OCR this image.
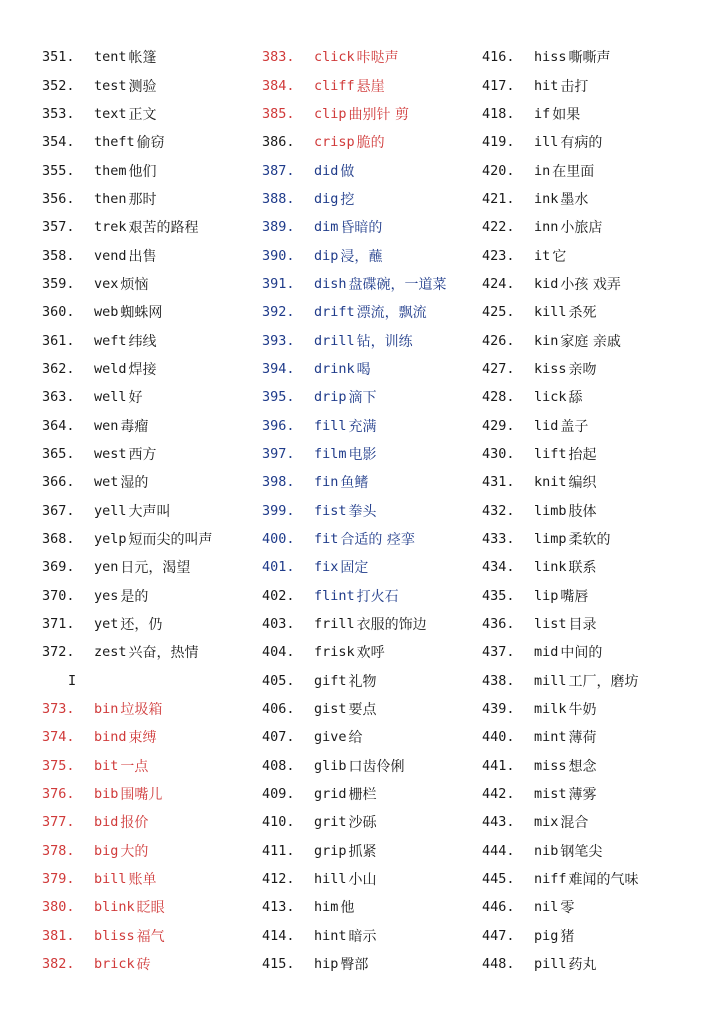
351.	tent 帐篷
352.	test 测验
353.	text 正文
354.	theft 偷窃
355.	them 他们
356.	then 那时
357.	trek 艰苦的路程
358.	vend 出售
359.	vex 烦恼
360.	web 蜘蛛网
361.	weft 纬线
362.	weld 焊接
363.	well 好
364.	wen 毒瘤
365.	west 西方
366.	wet 湿的
367.	yell 大声叫
368.	yelp 短而尖的叫声
369.	yen 日元，渴望
370.	yes 是的
371.	yet 还，仍
372.	zest 兴奋，热情
I
373.	bin 垃圾箱
374.	bind 束缚
375.	bit 一点
376.	bib 围嘴儿
377.	bid 报价
378.	big 大的
379.	bill 账单
380.	blink 眨眼
381.	bliss 福气
382.	brick 砖
383.	click 咔哒声
384.	cliff 悬崖
385.	clip 曲别针 剪
386.	crisp 脆的
387.	did 做
388.	dig 挖
389.	dim 昏暗的
390.	dip 浸，蘸
391.	dish 盘碟碗，一道菜
392.	drift 漂流，飘流
393.	drill 钻，训练
394.	drink 喝
395.	drip 滴下
396.	fill 充满
397.	film 电影
398.	fin 鱼鳍
399.	fist 拳头
400.	fit 合适的 痉挛
401.	fix 固定
402.	flint 打火石
403.	frill 衣服的饰边
404.	frisk 欢呼
405.	gift 礼物
406.	gist 要点
407.	give 给
408.	glib 口齿伶俐
409.	grid 栅栏
410.	grit 沙砾
411.	grip 抓紧
412.	hill 小山
413.	him 他
414.	hint 暗示
415.	hip 臀部
416.	hiss 嘶嘶声
417.	hit 击打
418.	if 如果
419.	ill 有病的
420.	in 在里面
421.	ink 墨水
422.	inn 小旅店
423.	it 它
424.	kid 小孩 戏弄
425.	kill 杀死
426.	kin 家庭 亲戚
427.	kiss 亲吻
428.	lick 舔
429.	lid 盖子
430.	lift 抬起
431.	knit 编织
432.	limb 肢体
433.	limp 柔软的
434.	link 联系
435.	lip 嘴唇
436.	list 目录
437.	mid 中间的
438.	mill 工厂，磨坊
439.	milk 牛奶
440.	mint 薄荷
441.	miss 想念
442.	mist 薄雾
443.	mix 混合
444.	nib 钢笔尖
445.	niff 难闻的气味
446.	nil 零
447.	pig 猪
448.	pill 药丸
